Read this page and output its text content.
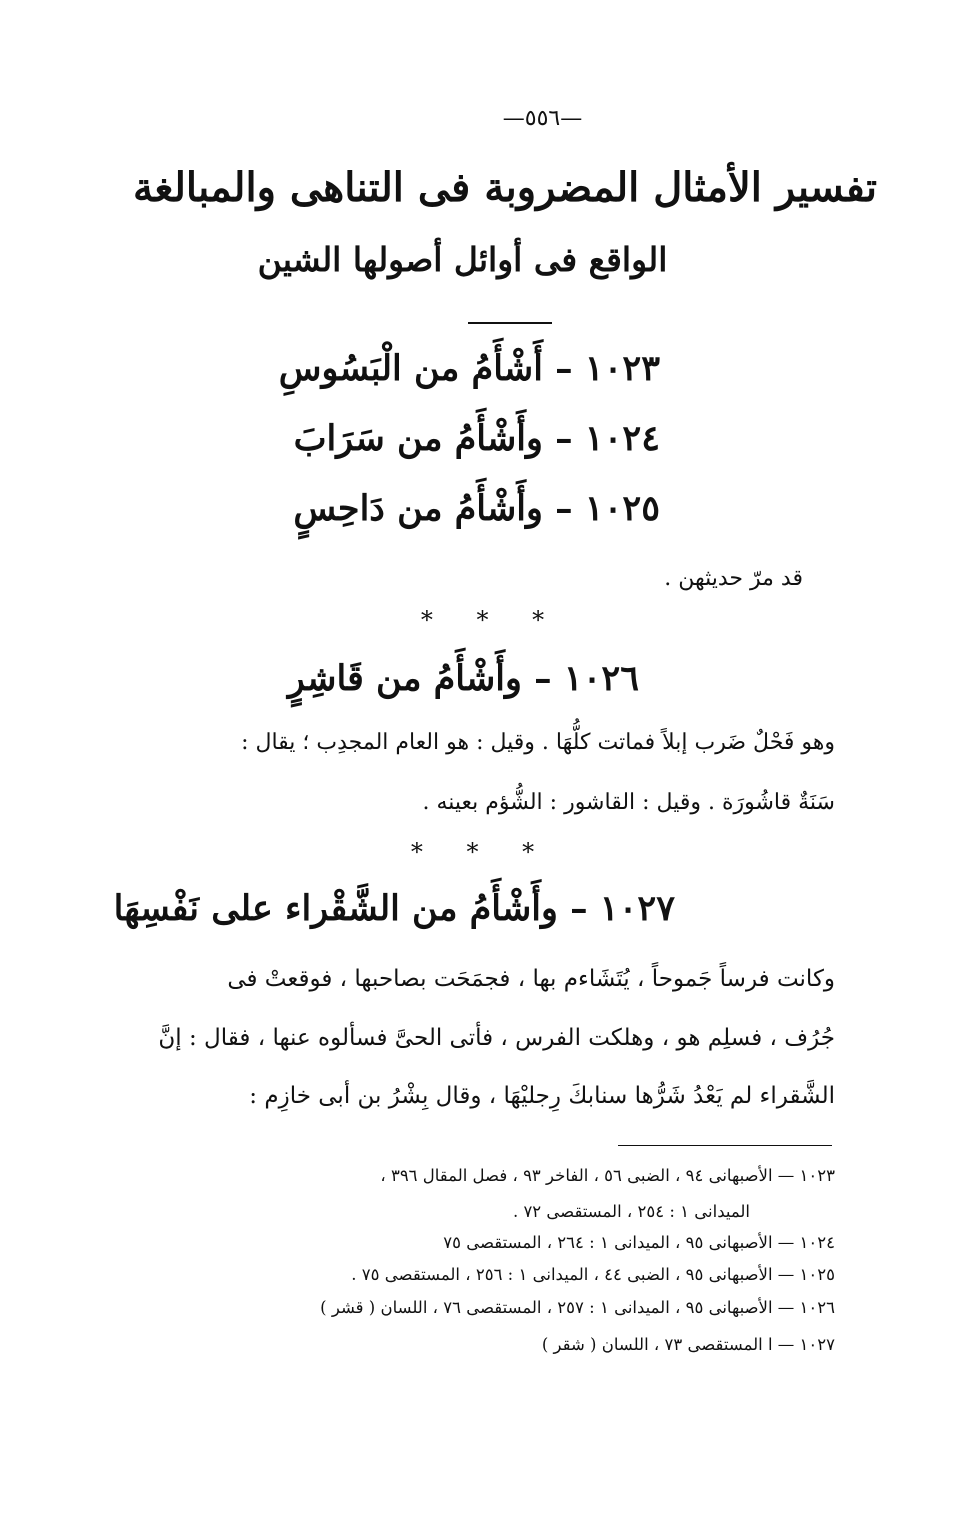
—٥٥٦—
تفسير الأمثال المضروبة فى التناهى والمبالغة
الواقع فى أوائل أصولها الشين
١٠٢٣ – أَشْأَمُ من الْبَسُوسِ
١٠٢٤ – وأَشْأَمُ من سَرَابَ
١٠٢٥ – وأَشْأَمُ من دَاحِسٍ
قد مرّ حديثهن .
* * *
١٠٢٦ – وأَشْأَمُ من قَاشِرٍ
وهو فَحْلٌ ضَرب إبلاً فماتت كلُّهَا . وقيل : هو العام المجدِب ؛ يقال :
سَنَةٌ قاشُورَة . وقيل : القاشور : الشُّؤم بعينه .
* * *
١٠٢٧ – وأَشْأَمُ من الشَّقْراء على نَفْسِهَا
وكانت فرساً جَموحاً ، يُتَشَاءم بها ، فجمَحَت بصاحبها ، فوقعتْ فى
جُرُف ، فسلِم هو ، وهلكت الفرس ، فأتى الحىَّ فسألوه عنها ، فقال : إنَّ
الشَّقراء لم يَعْدُ شَرُّها سنابكَ رِجليْهَا ، وقال بِشْرُ بن أبى خازِم :
١٠٢٣ — الأصبهانى ٩٤ ، الضبى ٥٦ ، الفاخر ٩٣ ، فصل المقال ٣٩٦ ،
الميدانى ١ : ٢٥٤ ، المستقصى ٧٢ .
١٠٢٤ — الأصبهانى ٩٥ ، الميدانى ١ : ٢٦٤ ، المستقصى ٧٥
١٠٢٥ — الأصبهانى ٩٥ ، الضبى ٤٤ ، الميدانى ١ : ٢٥٦ ، المستقصى ٧٥ .
١٠٢٦ — الأصبهانى ٩٥ ، الميدانى ١ : ٢٥٧ ، المستقصى ٧٦ ، اللسان ( قشر )
١٠٢٧ — ا المستقصى ٧٣ ، اللسان ( شقر )
